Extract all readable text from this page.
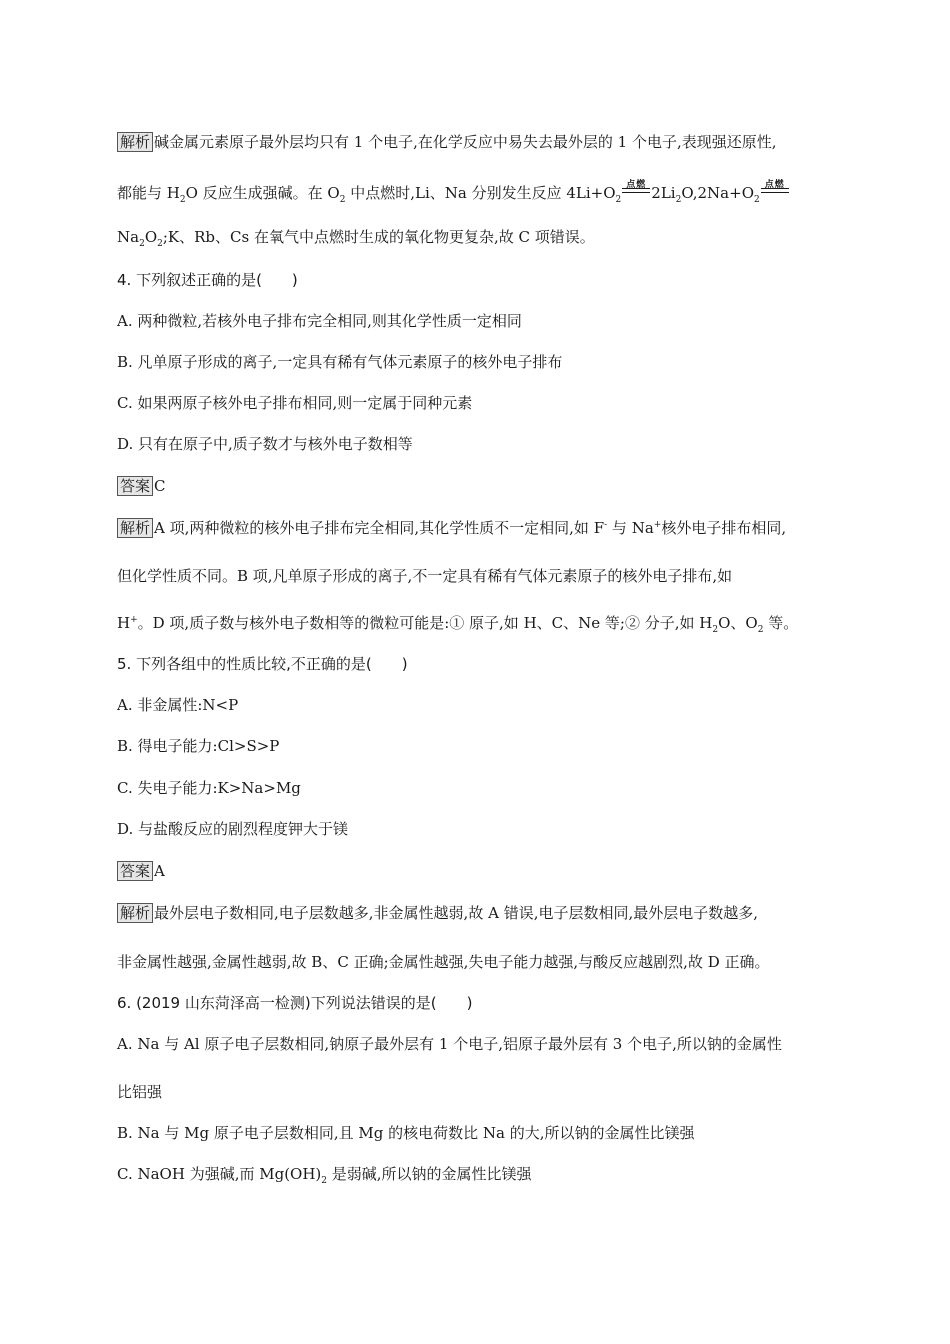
解析 碱金属元素原子最外层均只有 1 个电子,在化学反应中易失去最外层的 1 个电子,表现强还原性,
都能与 $H_2O$ 反应生成强碱。在 $O_2$ 中点燃时,Li、Na 分别发生反应 $4Li+O_2$
点燃 $2Li_2O,2Na+O_2$
点燃
$Na_2O_2;K$、Rb、Cs 在氧气中点燃时生成的氧化物更复杂,故 C 项错误。
4. 下列叙述正确的是(　　)
A. 两种微粒,若核外电子排布完全相同,则其化学性质一定相同
B. 凡单原子形成的离子,一定具有稀有气体元素原子的核外电子排布
C. 如果两原子核外电子排布相同,则一定属于同种元素
D. 只有在原子中,质子数才与核外电子数相等
答案 C
解析 A 项,两种微粒的核外电子排布完全相同,其化学性质不一定相同,如 F- 与 Na+核外电子排布相同,
但化学性质不同。B 项,凡单原子形成的离子,不一定具有稀有气体元素原子的核外电子排布,如
H+。D 项,质子数与核外电子数相等的微粒可能是:① 原子,如 H、C、Ne 等;② 分子,如 $H_2O$、$O_2$ 等。
5. 下列各组中的性质比较,不正确的是(　　)
A. 非金属性:N<P
B. 得电子能力:Cl>S>P
C. 失电子能力:K>Na>Mg
D. 与盐酸反应的剧烈程度钾大于镁
答案 A
解析 最外层电子数相同,电子层数越多,非金属性越弱,故 A 错误,电子层数相同,最外层电子数越多,
非金属性越强,金属性越弱,故 B、C 正确;金属性越强,失电子能力越强,与酸反应越剧烈,故 D 正确。
6. (2019 山东菏泽高一检测)下列说法错误的是(　　)
A. Na 与 Al 原子电子层数相同,钠原子最外层有 1 个电子,铝原子最外层有 3 个电子,所以钠的金属性
比铝强
B. Na 与 Mg 原子电子层数相同,且 Mg 的核电荷数比 Na 的大,所以钠的金属性比镁强
C. NaOH 为强碱,而 $Mg(OH)_2$ 是弱碱,所以钠的金属性比镁强
